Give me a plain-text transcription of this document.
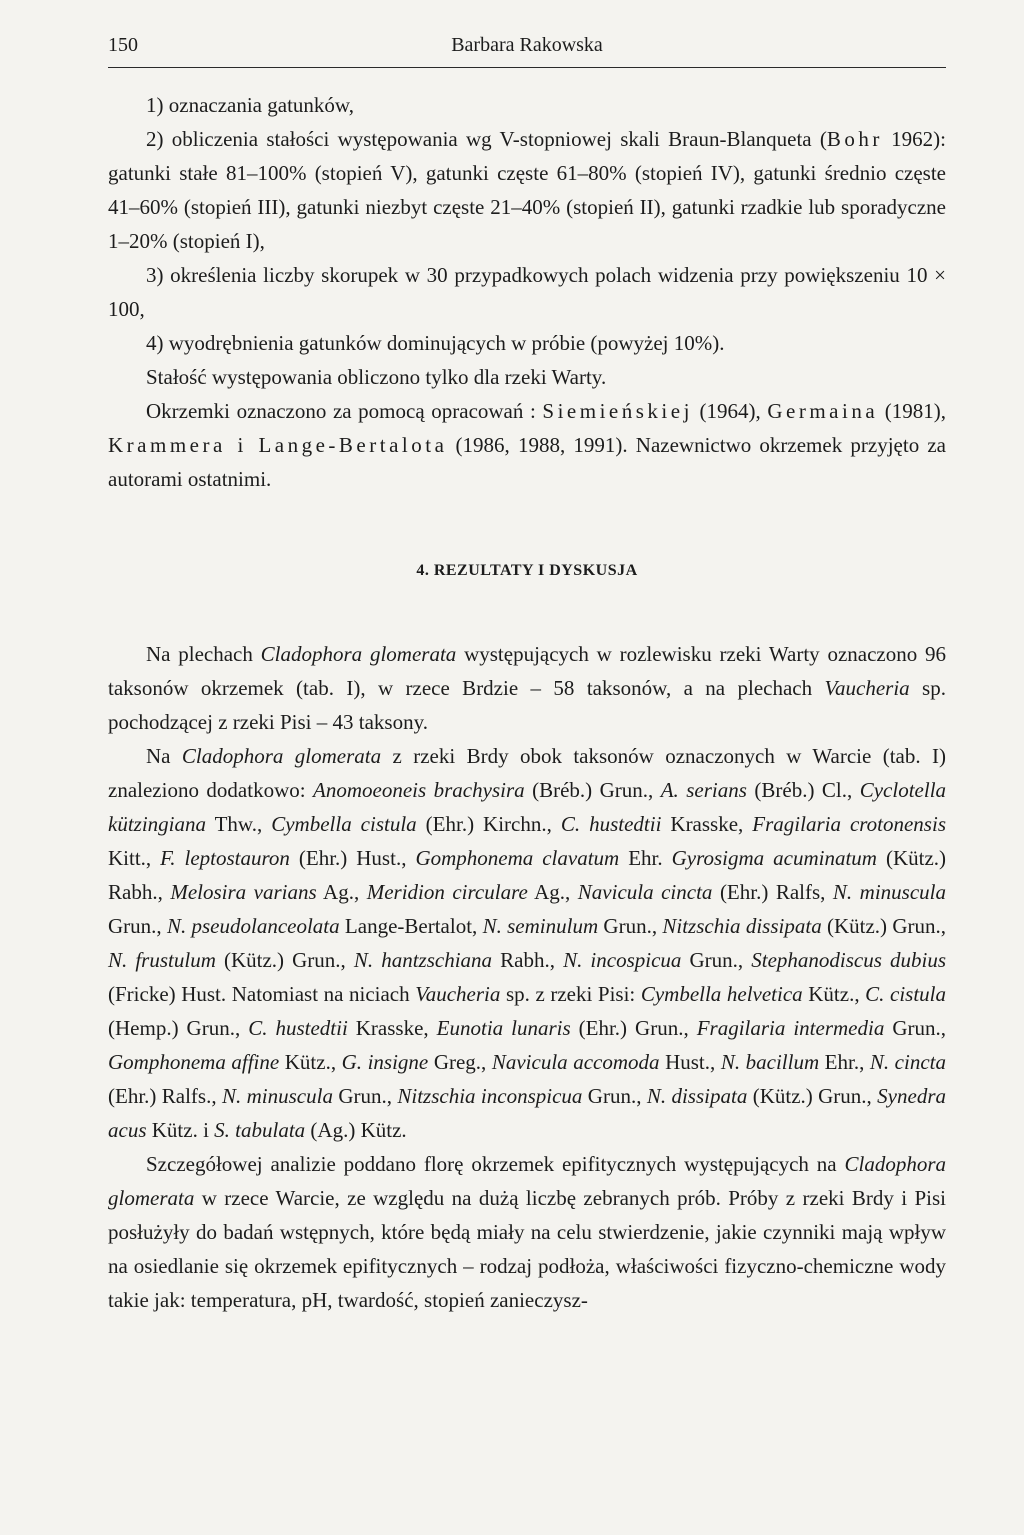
150	Barbara Rakowska

1) oznaczania gatunków,

2) obliczenia stałości występowania wg V-stopniowej skali Braun-Blanqueta (Bohr 1962): gatunki stałe 81–100% (stopień V), gatunki częste 61–80% (stopień IV), gatunki średnio częste 41–60% (stopień III), gatunki niezbyt częste 21–40% (stopień II), gatunki rzadkie lub sporadyczne 1–20% (stopień I),

3) określenia liczby skorupek w 30 przypadkowych polach widzenia przy powiększeniu 10 × 100,

4) wyodrębnienia gatunków dominujących w próbie (powyżej 10%).

Stałość występowania obliczono tylko dla rzeki Warty.

Okrzemki oznaczono za pomocą opracowań : Siemieńskiej (1964), Germaina (1981), Krammera i Lange-Bertalota (1986, 1988, 1991). Nazewnictwo okrzemek przyjęto za autorami ostatnimi.

4. REZULTATY I DYSKUSJA

Na plechach Cladophora glomerata występujących w rozlewisku rzeki Warty oznaczono 96 taksonów okrzemek (tab. I), w rzece Brdzie – 58 taksonów, a na plechach Vaucheria sp. pochodzącej z rzeki Pisi – 43 taksony.

Na Cladophora glomerata z rzeki Brdy obok taksonów oznaczonych w Warcie (tab. I) znaleziono dodatkowo: Anomoeoneis brachysira (Bréb.) Grun., A. serians (Bréb.) Cl., Cyclotella kützingiana Thw., Cymbella cistula (Ehr.) Kirchn., C. hustedtii Krasske, Fragilaria crotonensis Kitt., F. leptostauron (Ehr.) Hust., Gomphonema clavatum Ehr. Gyrosigma acuminatum (Kütz.) Rabh., Melosira varians Ag., Meridion circulare Ag., Navicula cincta (Ehr.) Ralfs, N. minuscula Grun., N. pseudolanceolata Lange-Bertalot, N. seminulum Grun., Nitzschia dissipata (Kütz.) Grun., N. frustulum (Kütz.) Grun., N. hantzschiana Rabh., N. incospicua Grun., Stephanodiscus dubius (Fricke) Hust. Natomiast na niciach Vaucheria sp. z rzeki Pisi: Cymbella helvetica Kütz., C. cistula (Hemp.) Grun., C. hustedtii Krasske, Eunotia lunaris (Ehr.) Grun., Fragilaria intermedia Grun., Gomphonema affine Kütz., G. insigne Greg., Navicula accomoda Hust., N. bacillum Ehr., N. cincta (Ehr.) Ralfs., N. minuscula Grun., Nitzschia inconspicua Grun., N. dissipata (Kütz.) Grun., Synedra acus Kütz. i S. tabulata (Ag.) Kütz.

Szczegółowej analizie poddano florę okrzemek epifitycznych występujących na Cladophora glomerata w rzece Warcie, ze względu na dużą liczbę zebranych prób. Próby z rzeki Brdy i Pisi posłużyły do badań wstępnych, które będą miały na celu stwierdzenie, jakie czynniki mają wpływ na osiedlanie się okrzemek epifitycznych – rodzaj podłoża, właściwości fizyczno-chemiczne wody takie jak: temperatura, pH, twardość, stopień zanieczysz-
